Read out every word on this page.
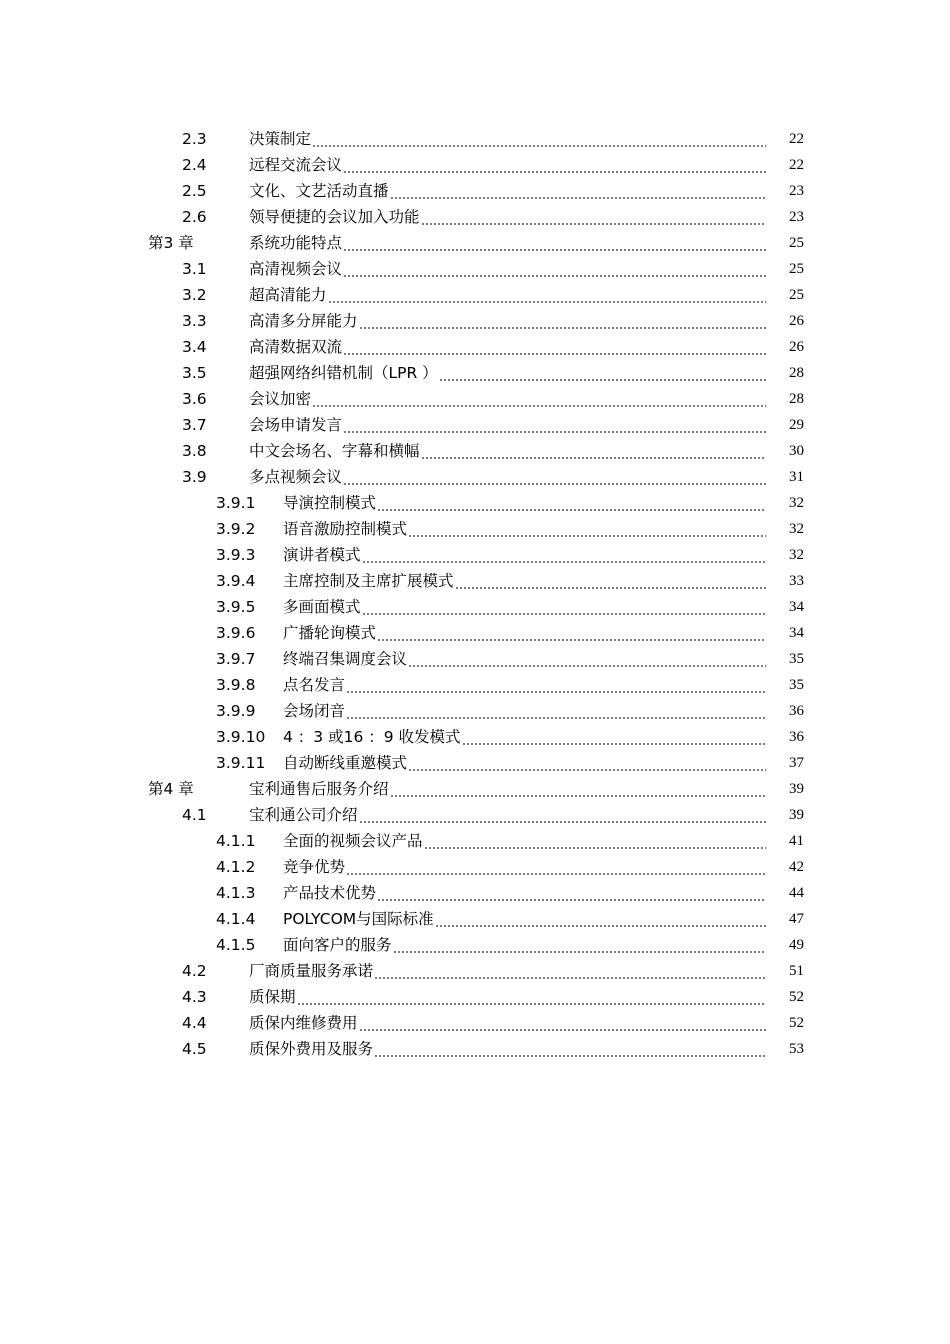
2.3	决策制定	22
2.4	远程交流会议	22
2.5	文化、文艺活动直播	23
2.6	领导便捷的会议加入功能	23
第3 章	系统功能特点	25
3.1	高清视频会议	25
3.2	超高清能力	25
3.3	高清多分屏能力	26
3.4	高清数据双流	26
3.5	超强网络纠错机制（LPR ）	28
3.6	会议加密	28
3.7	会场申请发言	29
3.8	中文会场名、字幕和横幅	30
3.9	多点视频会议	31
3.9.1 导演控制模式	32
3.9.2 语音激励控制模式	32
3.9.3 演讲者模式	32
3.9.4 主席控制及主席扩展模式	33
3.9.5 多画面模式	34
3.9.6 广播轮询模式	34
3.9.7 终端召集调度会议	35
3.9.8 点名发言	35
3.9.9 会场闭音	36
3.9.10 4 ：3 或16 ：9 收发模式	36
3.9.11 自动断线重邀模式	37
第4 章	宝利通售后服务介绍	39
4.1	宝利通公司介绍	39
4.1.1 全面的视频会议产品	41
4.1.2 竞争优势	42
4.1.3 产品技术优势	44
4.1.4 POLYCOM与国际标准	47
4.1.5 面向客户的服务	49
4.2	厂商质量服务承诺	51
4.3	质保期	52
4.4	质保内维修费用	52
4.5	质保外费用及服务	53
